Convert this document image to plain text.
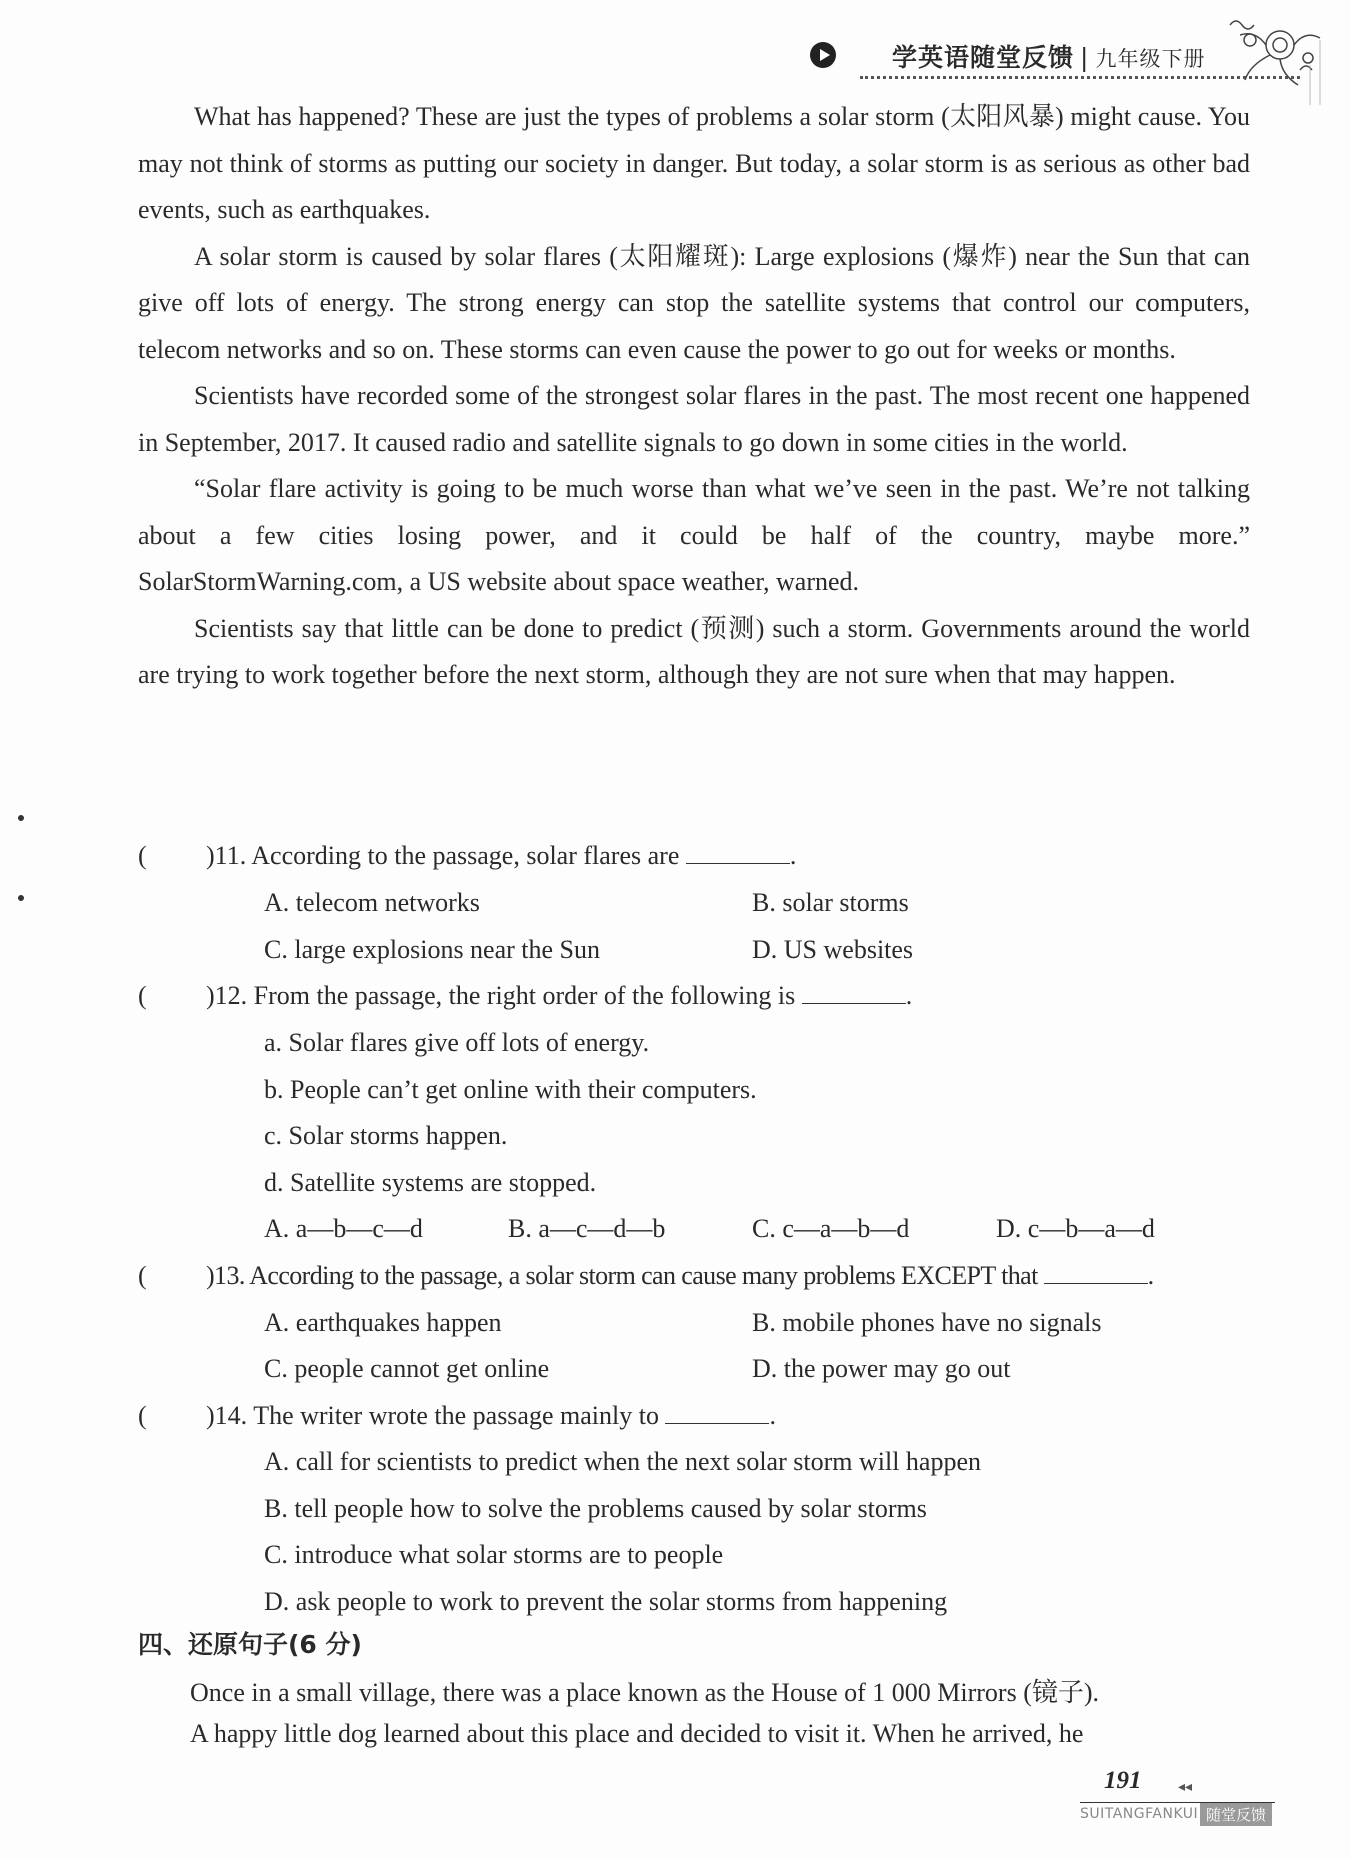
学英语随堂反馈 | 九年级下册

What has happened? These are just the types of problems a solar storm (太阳风暴) might cause. You may not think of storms as putting our society in danger. But today, a solar storm is as serious as other bad events, such as earthquakes.

A solar storm is caused by solar flares (太阳耀斑): Large explosions (爆炸) near the Sun that can give off lots of energy. The strong energy can stop the satellite systems that control our computers, telecom networks and so on. These storms can even cause the power to go out for weeks or months.

Scientists have recorded some of the strongest solar flares in the past. The most recent one happened in September, 2017. It caused radio and satellite signals to go down in some cities in the world.

“Solar flare activity is going to be much worse than what we’ve seen in the past. We’re not talking about a few cities losing power, and it could be half of the country, maybe more.” SolarStormWarning.com, a US website about space weather, warned.

Scientists say that little can be done to predict (预测) such a storm. Governments around the world are trying to work together before the next storm, although they are not sure when that may happen.

( )11. According to the passage, solar flares are	.
A. telecom networks	B. solar storms
C. large explosions near the Sun	D. US websites
( )12. From the passage, the right order of the following is	.
a. Solar flares give off lots of energy.
b. People can’t get online with their computers.
c. Solar storms happen.
d. Satellite systems are stopped.
A. a—b—c—d	B. a—c—d—b	C. c—a—b—d	D. c—b—a—d
( )13. According to the passage, a solar storm can cause many problems EXCEPT that	.
A. earthquakes happen	B. mobile phones have no signals
C. people cannot get online	D. the power may go out
( )14. The writer wrote the passage mainly to	.
A. call for scientists to predict when the next solar storm will happen
B. tell people how to solve the problems caused by solar storms
C. introduce what solar storms are to people
D. ask people to work to prevent the solar storms from happening
四、还原句子(6 分)
Once in a small village, there was a place known as the House of 1 000 Mirrors (镜子).
A happy little dog learned about this place and decided to visit it. When he arrived, he
191	◂◂
SUITANGFANKUI 随堂反馈
